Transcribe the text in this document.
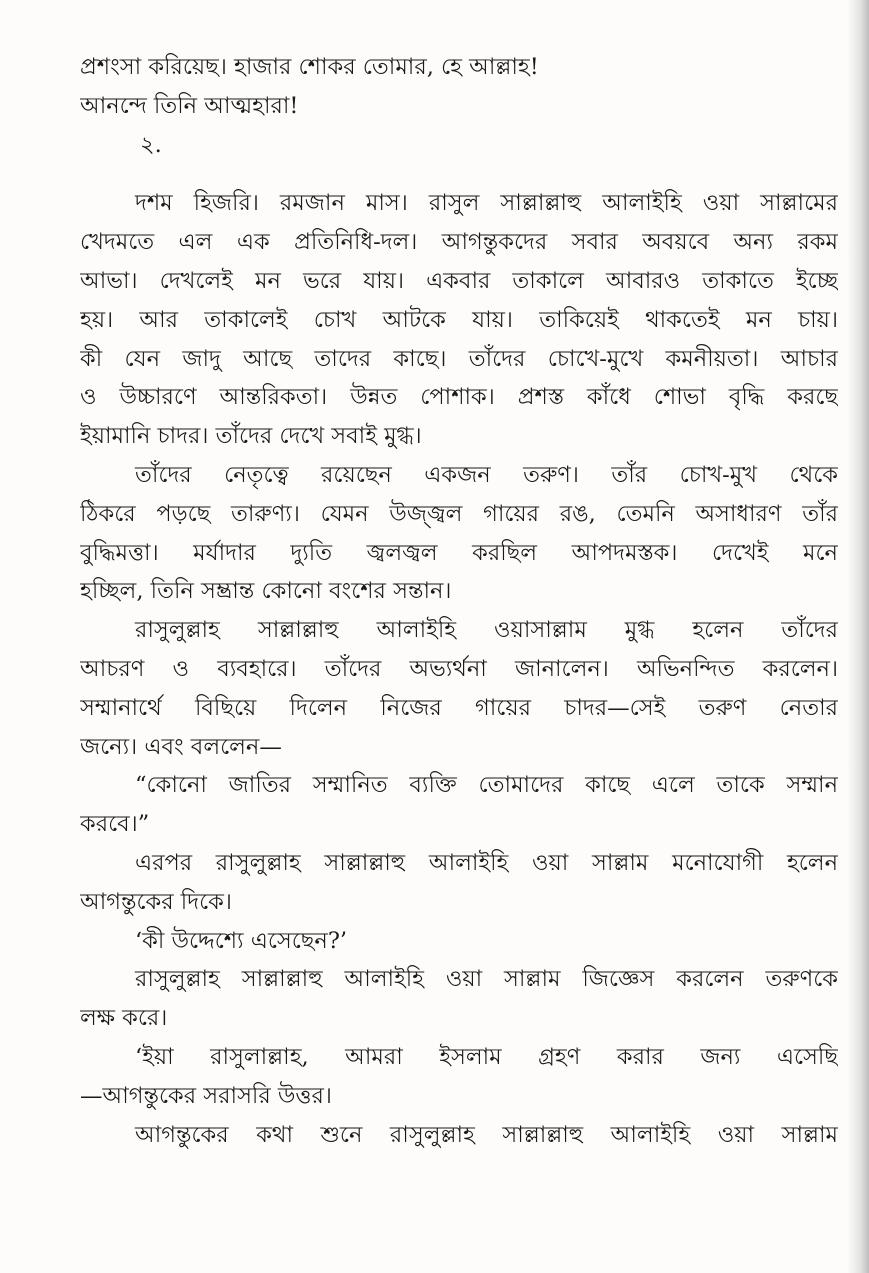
প্রশংসা করিয়েছ। হাজার শোকর তোমার, হে আল্লাহ!
আনন্দে তিনি আত্মহারা!
২.
দশম হিজরি। রমজান মাস। রাসুল সাল্লাল্লাহু আলাইহি ওয়া সাল্লামের
খেদমতে এল এক প্রতিনিধি-দল। আগন্তুকদের সবার অবয়বে অন্য রকম
আভা। দেখলেই মন ভরে যায়। একবার তাকালে আবারও তাকাতে ইচ্ছে
হয়। আর তাকালেই চোখ আটকে যায়। তাকিয়েই থাকতেই মন চায়।
কী যেন জাদু আছে তাদের কাছে। তাঁদের চোখে-মুখে কমনীয়তা। আচার
ও উচ্চারণে আন্তরিকতা। উন্নত পোশাক। প্রশস্ত কাঁধে শোভা বৃদ্ধি করছে
ইয়ামানি চাদর। তাঁদের দেখে সবাই মুগ্ধ।
তাঁদের নেতৃত্বে রয়েছেন একজন তরুণ। তাঁর চোখ-মুখ থেকে
ঠিকরে পড়ছে তারুণ্য। যেমন উজ্জ্বল গায়ের রঙ, তেমনি অসাধারণ তাঁর
বুদ্ধিমত্তা। মর্যাদার দ্যুতি জ্বলজ্বল করছিল আপদমস্তক। দেখেই মনে
হচ্ছিল, তিনি সম্ভ্রান্ত কোনো বংশের সন্তান।
রাসুলুল্লাহ সাল্লাল্লাহু আলাইহি ওয়াসাল্লাম মুগ্ধ হলেন তাঁদের
আচরণ ও ব্যবহারে। তাঁদের অভ্যর্থনা জানালেন। অভিনন্দিত করলেন।
সম্মানার্থে বিছিয়ে দিলেন নিজের গায়ের চাদর—সেই তরুণ নেতার
জন্যে। এবং বললেন—
“কোনো জাতির সম্মানিত ব্যক্তি তোমাদের কাছে এলে তাকে সম্মান
করবে।”
এরপর রাসুলুল্লাহ সাল্লাল্লাহু আলাইহি ওয়া সাল্লাম মনোযোগী হলেন
আগন্তুকের দিকে।
‘কী উদ্দেশ্যে এসেছেন?’
রাসুলুল্লাহ সাল্লাল্লাহু আলাইহি ওয়া সাল্লাম জিজ্ঞেস করলেন তরুণকে
লক্ষ করে।
‘ইয়া রাসুলাল্লাহ, আমরা ইসলাম গ্রহণ করার জন্য এসেছি
—আগন্তুকের সরাসরি উত্তর।
আগন্তুকের কথা শুনে রাসুলুল্লাহ সাল্লাল্লাহু আলাইহি ওয়া সাল্লাম
